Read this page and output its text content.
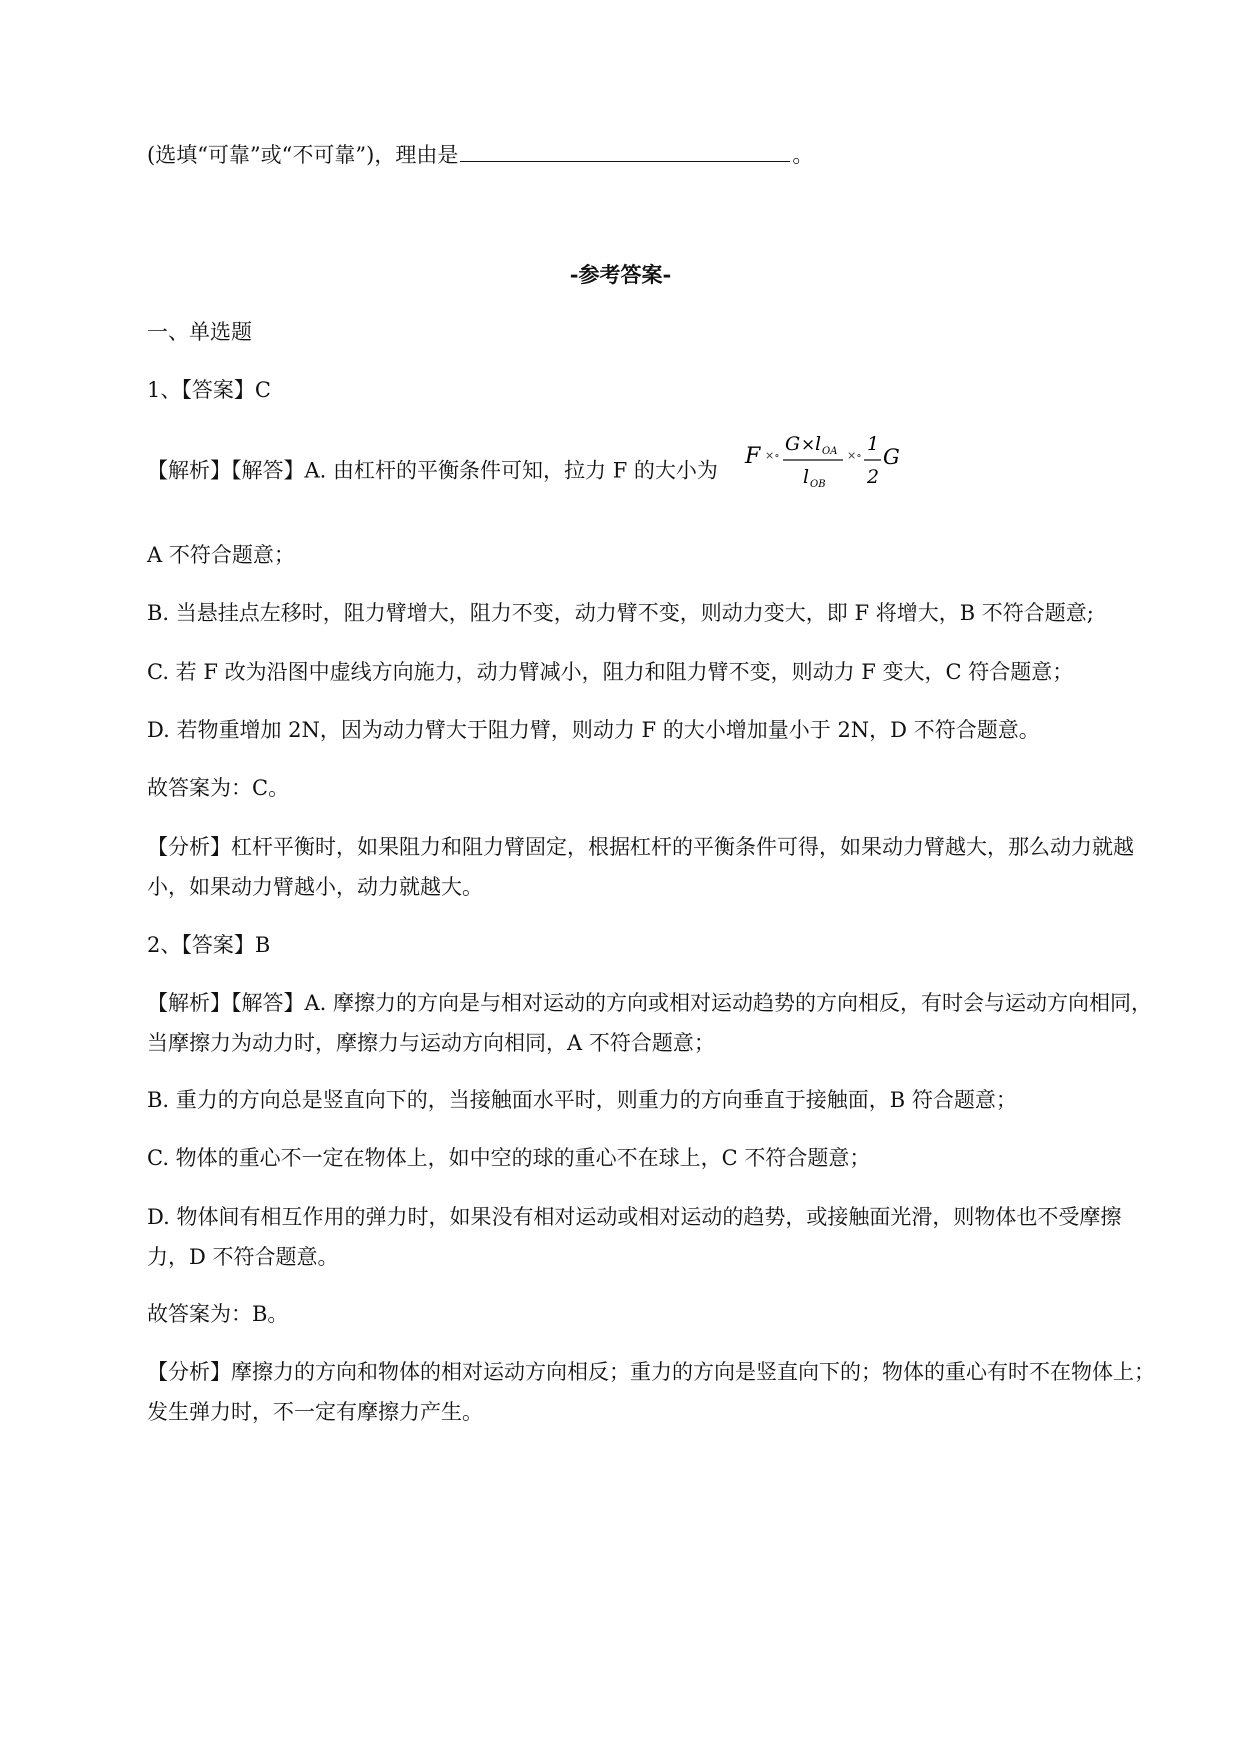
(选填“可靠”或“不可靠”)，理由是	。
-参考答案-
一、单选题
1、【答案】C
【解析】【解答】A. 由杠杆的平衡条件可知，拉力 F 的大小为
F ×∘
G × l OA
l OB
×∘
1
2
G
A 不符合题意；
B. 当悬挂点左移时，阻力臂增大，阻力不变，动力臂不变，则动力变大，即 F 将增大，B 不符合题意;
C. 若 F 改为沿图中虚线方向施力，动力臂减小，阻力和阻力臂不变，则动力 F 变大，C 符合题意；
D. 若物重增加 2N，因为动力臂大于阻力臂，则动力 F 的大小增加量小于 2N，D 不符合题意。
故答案为：C。
【分析】杠杆平衡时，如果阻力和阻力臂固定，根据杠杆的平衡条件可得，如果动力臂越大，那么动力就越小，如果动力臂越小，动力就越大。
2、【答案】B
【解析】【解答】A. 摩擦力的方向是与相对运动的方向或相对运动趋势的方向相反，有时会与运动方向相同，当摩擦力为动力时，摩擦力与运动方向相同，A 不符合题意；
B. 重力的方向总是竖直向下的，当接触面水平时，则重力的方向垂直于接触面，B 符合题意；
C. 物体的重心不一定在物体上，如中空的球的重心不在球上，C 不符合题意；
D. 物体间有相互作用的弹力时，如果没有相对运动或相对运动的趋势，或接触面光滑，则物体也不受摩擦力，D 不符合题意。
故答案为：B。
【分析】摩擦力的方向和物体的相对运动方向相反；重力的方向是竖直向下的；物体的重心有时不在物体上；发生弹力时，不一定有摩擦力产生。
